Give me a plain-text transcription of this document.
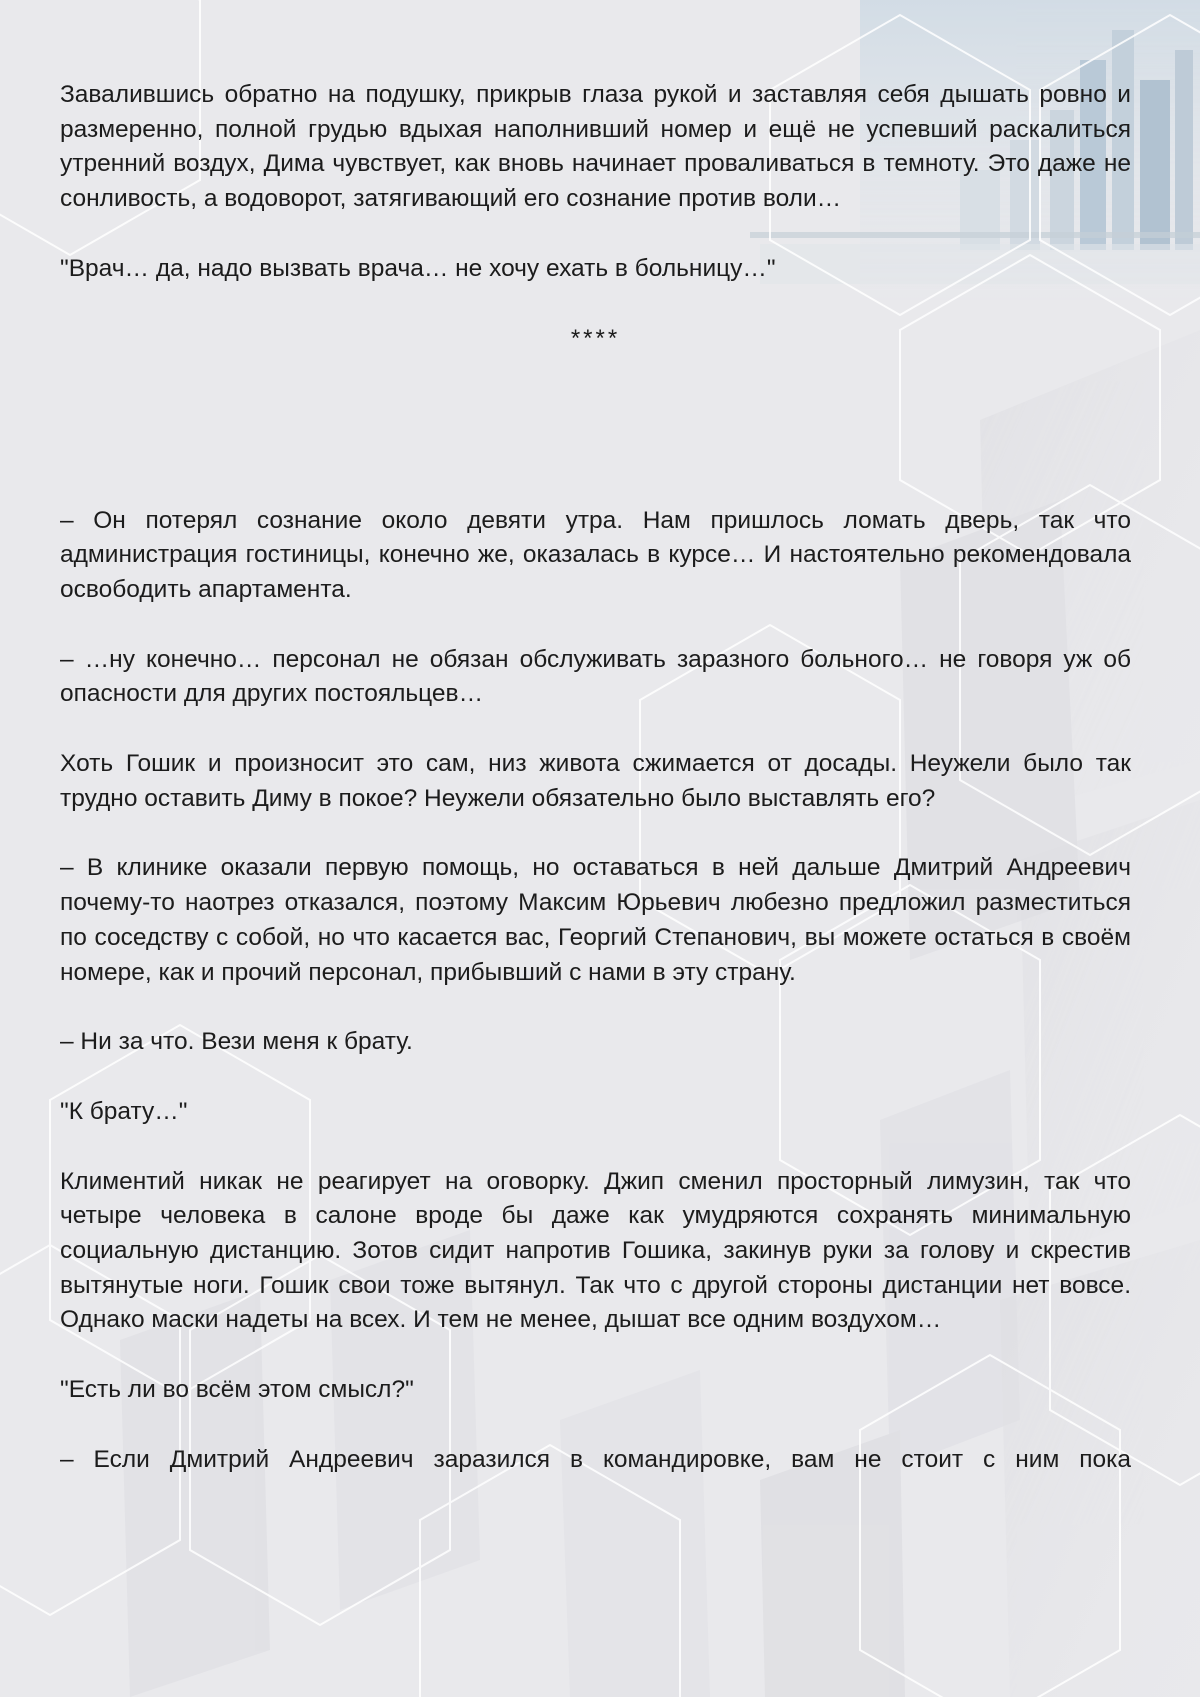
Завалившись обратно на подушку, прикрыв глаза рукой и заставляя себя дышать ровно и размеренно, полной грудью вдыхая наполнивший номер и ещё не успевший раскалиться утренний воздух, Дима чувствует, как вновь начинает проваливаться в темноту. Это даже не сонливость, а водоворот, затягивающий его сознание против воли…

"Врач… да, надо вызвать врача… не хочу ехать в больницу…"

****

– Он потерял сознание около девяти утра. Нам пришлось ломать дверь, так что администрация гостиницы, конечно же, оказалась в курсе… И настоятельно рекомендовала освободить апартамента.

– …ну конечно… персонал не обязан обслуживать заразного больного… не говоря уж об опасности для других постояльцев…

Хоть Гошик и произносит это сам, низ живота сжимается от досады. Неужели было так трудно оставить Диму в покое? Неужели обязательно было выставлять его?

– В клинике оказали первую помощь, но оставаться в ней дальше Дмитрий Андреевич почему-то наотрез отказался, поэтому Максим Юрьевич любезно предложил разместиться по соседству с собой, но что касается вас, Георгий Степанович, вы можете остаться в своём номере, как и прочий персонал, прибывший с нами в эту страну.

– Ни за что. Вези меня к брату.

"К брату…"

Климентий никак не реагирует на оговорку. Джип сменил просторный лимузин, так что четыре человека в салоне вроде бы даже как умудряются сохранять минимальную социальную дистанцию. Зотов сидит напротив Гошика, закинув руки за голову и скрестив вытянутые ноги. Гошик свои тоже вытянул. Так что с другой стороны дистанции нет вовсе. Однако маски надеты на всех. И тем не менее, дышат все одним воздухом…

"Есть ли во всём этом смысл?"

– Если Дмитрий Андреевич заразился в командировке, вам не стоит с ним пока
